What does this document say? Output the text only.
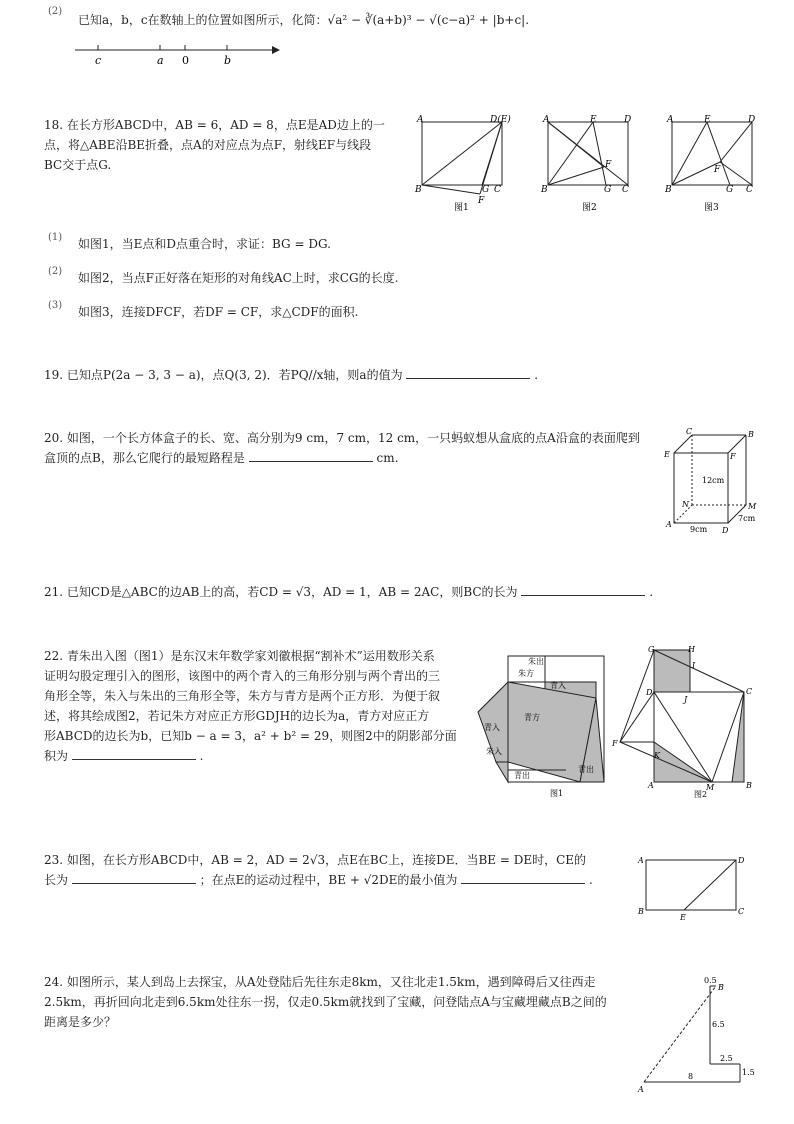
(2)
已知a，b，c在数轴上的位置如图所示，化简：√a² − ∛(a+b)³ − √(c−a)² + |b+c|.
c	a 0	b
18. 在长方形ABCD中，AB = 6，AD = 8，点E是AD边上的一
点，将△ABE沿BE折叠，点A的对应点为点F，射线EF与线段
BC交于点G.
A	D(E)
B	G C
F
图1
A	E	D
F
B	G C
图2
A	E	D
F
B	G C
图3
(1) 如图1，当E点和D点重合时，求证：BG = DG.
(2) 如图2，当点F正好落在矩形的对角线AC上时，求CG的长度.
(3) 如图3，连接DFCF，若DF = CF，求△CDF的面积.
19. 已知点P(2a − 3, 3 − a)，点Q(3, 2)．若PQ//x轴，则a的值为	.
20. 如图，一个长方体盒子的长、宽、高分别为9 cm，7 cm，12 cm，一只蚂蚁想从盒底的点A沿盒的表面爬到
盒顶的点B，那么它爬行的最短路程是	cm.
C	B
E	F
12cm
N	M
A
D
9cm
7cm
21. 已知CD是△ABC的边AB上的高，若CD = √3，AD = 1，AB = 2AC，则BC的长为	.
22. 青朱出入图（图1）是东汉末年数学家刘徽根据“割补术”运用数形关系
证明勾股定理引入的图形，该图中的两个青入的三角形分别与两个青出的三
角形全等，朱入与朱出的三角形全等，朱方与青方是两个正方形．为便于叙
述，将其绘成图2，若记朱方对应正方形GDJH的边长为a，青方对应正方
形ABCD的边长为b，已知b − a = 3，a² + b² = 29，则图2中的阴影部分面
积为	.
朱出
朱方
青入
青方
青入
朱入
青出
青出
图1
G	H
I
D
J
C
F
K
A	M	B
图2
23. 如图，在长方形ABCD中，AB = 2，AD = 2√3，点E在BC上，连接DE．当BE = DE时，CE的
长为	；在点E的运动过程中，BE + √2DE的最小值为	.
A	D
B
E
C
24. 如图所示，某人到岛上去探宝，从A处登陆后先往东走8km，又往北走1.5km，遇到障碍后又往西走
2.5km，再折回向北走到6.5km处往东一拐，仅走0.5km就找到了宝藏，问登陆点A与宝藏埋藏点B之间的
距离是多少？
0.5
B
6.5
2.5
1.5
8
A
